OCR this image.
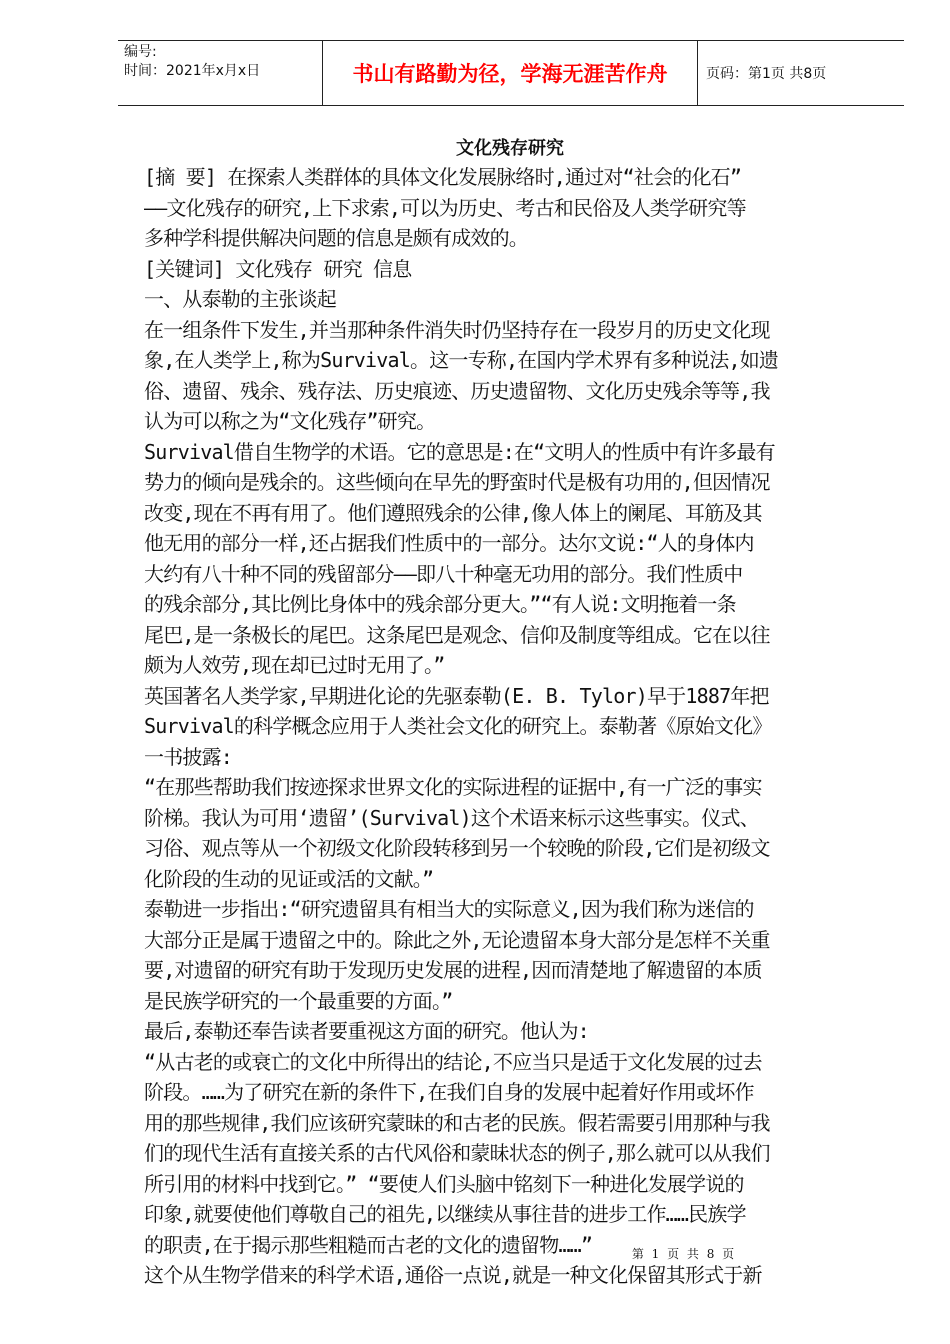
编号:
时间：2021年x月x日	书山有路勤为径，学海无涯苦作舟	页码：第1页 共8页
文化残存研究

[摘 要] 在探索人类群体的具体文化发展脉络时,通过对“社会的化石”
——文化残存的研究,上下求索,可以为历史、考古和民俗及人类学研究等
多种学科提供解决问题的信息是颇有成效的。

[关键词] 文化残存 研究 信息

一、从泰勒的主张谈起

在一组条件下发生,并当那种条件消失时仍坚持存在一段岁月的历史文化现
象,在人类学上,称为Survival。这一专称,在国内学术界有多种说法,如遗
俗、遗留、残余、残存法、历史痕迹、历史遗留物、文化历史残余等等,我
认为可以称之为“文化残存”研究。

Survival借自生物学的术语。它的意思是:在“文明人的性质中有许多最有
势力的倾向是残余的。这些倾向在早先的野蛮时代是极有功用的,但因情况
改变,现在不再有用了。他们遵照残余的公律,像人体上的阑尾、耳筋及其
他无用的部分一样,还占据我们性质中的一部分。达尔文说:“人的身体内
大约有八十种不同的残留部分——即八十种毫无功用的部分。我们性质中
的残余部分,其比例比身体中的残余部分更大。”“有人说:文明拖着一条
尾巴,是一条极长的尾巴。这条尾巴是观念、信仰及制度等组成。它在以往
颇为人效劳,现在却已过时无用了。”

英国著名人类学家,早期进化论的先驱泰勒(E. B. Tylor)早于1887年把
Survival的科学概念应用于人类社会文化的研究上。泰勒著《原始文化》
一书披露:

“在那些帮助我们按迹探求世界文化的实际进程的证据中,有一广泛的事实
阶梯。我认为可用‘遗留’(Survival)这个术语来标示这些事实。仪式、
习俗、观点等从一个初级文化阶段转移到另一个较晚的阶段,它们是初级文
化阶段的生动的见证或活的文献。”

泰勒进一步指出:“研究遗留具有相当大的实际意义,因为我们称为迷信的
大部分正是属于遗留之中的。除此之外,无论遗留本身大部分是怎样不关重
要,对遗留的研究有助于发现历史发展的进程,因而清楚地了解遗留的本质
是民族学研究的一个最重要的方面。”

最后,泰勒还奉告读者要重视这方面的研究。他认为:

“从古老的或衰亡的文化中所得出的结论,不应当只是适于文化发展的过去
阶段。……为了研究在新的条件下,在我们自身的发展中起着好作用或坏作
用的那些规律,我们应该研究蒙昧的和古老的民族。假若需要引用那种与我
们的现代生活有直接关系的古代风俗和蒙昧状态的例子,那么就可以从我们
所引用的材料中找到它。” “要使人们头脑中铭刻下一种进化发展学说的
印象,就要使他们尊敬自己的祖先,以继续从事往昔的进步工作……民族学
的职责,在于揭示那些粗糙而古老的文化的遗留物……”

这个从生物学借来的科学术语,通俗一点说,就是一种文化保留其形式于新

第 1 页 共 8 页
